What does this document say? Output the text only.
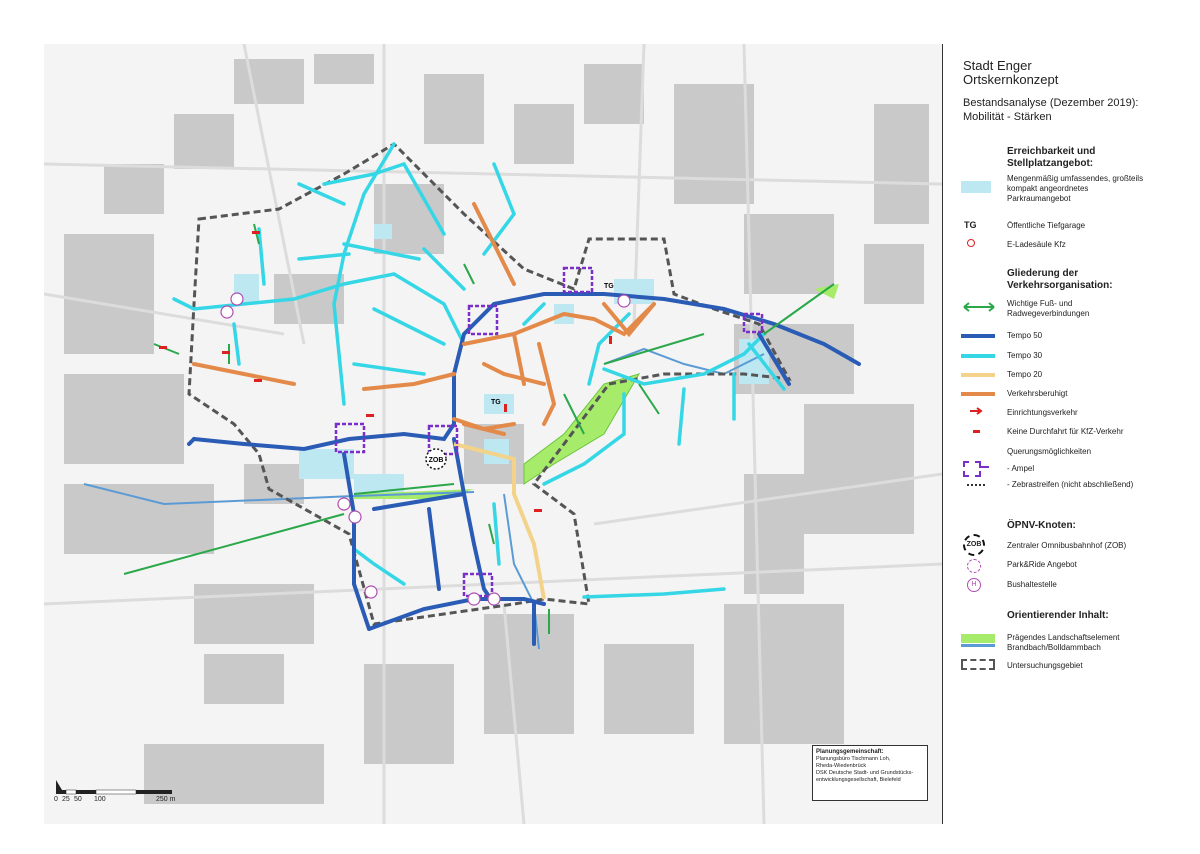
ZOB
TG
TG
0 25 50 100	250 m
Planungsgemeinschaft:
Planungsbüro Tischmann Loh,
Rheda-Wiedenbrück
DSK Deutsche Stadt- und Grundstücks-
entwicklungsgesellschaft, Bielefeld
Stadt Enger
Ortskernkonzept
Bestandsanalyse (Dezember 2019):
Mobilität - Stärken
Erreichbarkeit und Stellplatzangebot:
Mengenmäßig umfassendes, großteils kompakt angeordnetes Parkraumangebot
TG	Öffentliche Tiefgarage
E-Ladesäule Kfz
Gliederung der Verkehrsorganisation:
Wichtige Fuß- und Radwegeverbindungen
Tempo 50
Tempo 30
Tempo 20
Verkehrsberuhigt
Einrichtungsverkehr
Keine Durchfahrt für KfZ-Verkehr
Querungsmöglichkeiten
- Ampel
- Zebrastreifen (nicht abschließend)
ÖPNV-Knoten:
ZOB	Zentraler Omnibusbahnhof (ZOB)
Park&Ride Angebot
H	Bushaltestelle
Orientierender Inhalt:
Prägendes Landschaftselement
Brandbach/Bolldammbach
Untersuchungsgebiet
